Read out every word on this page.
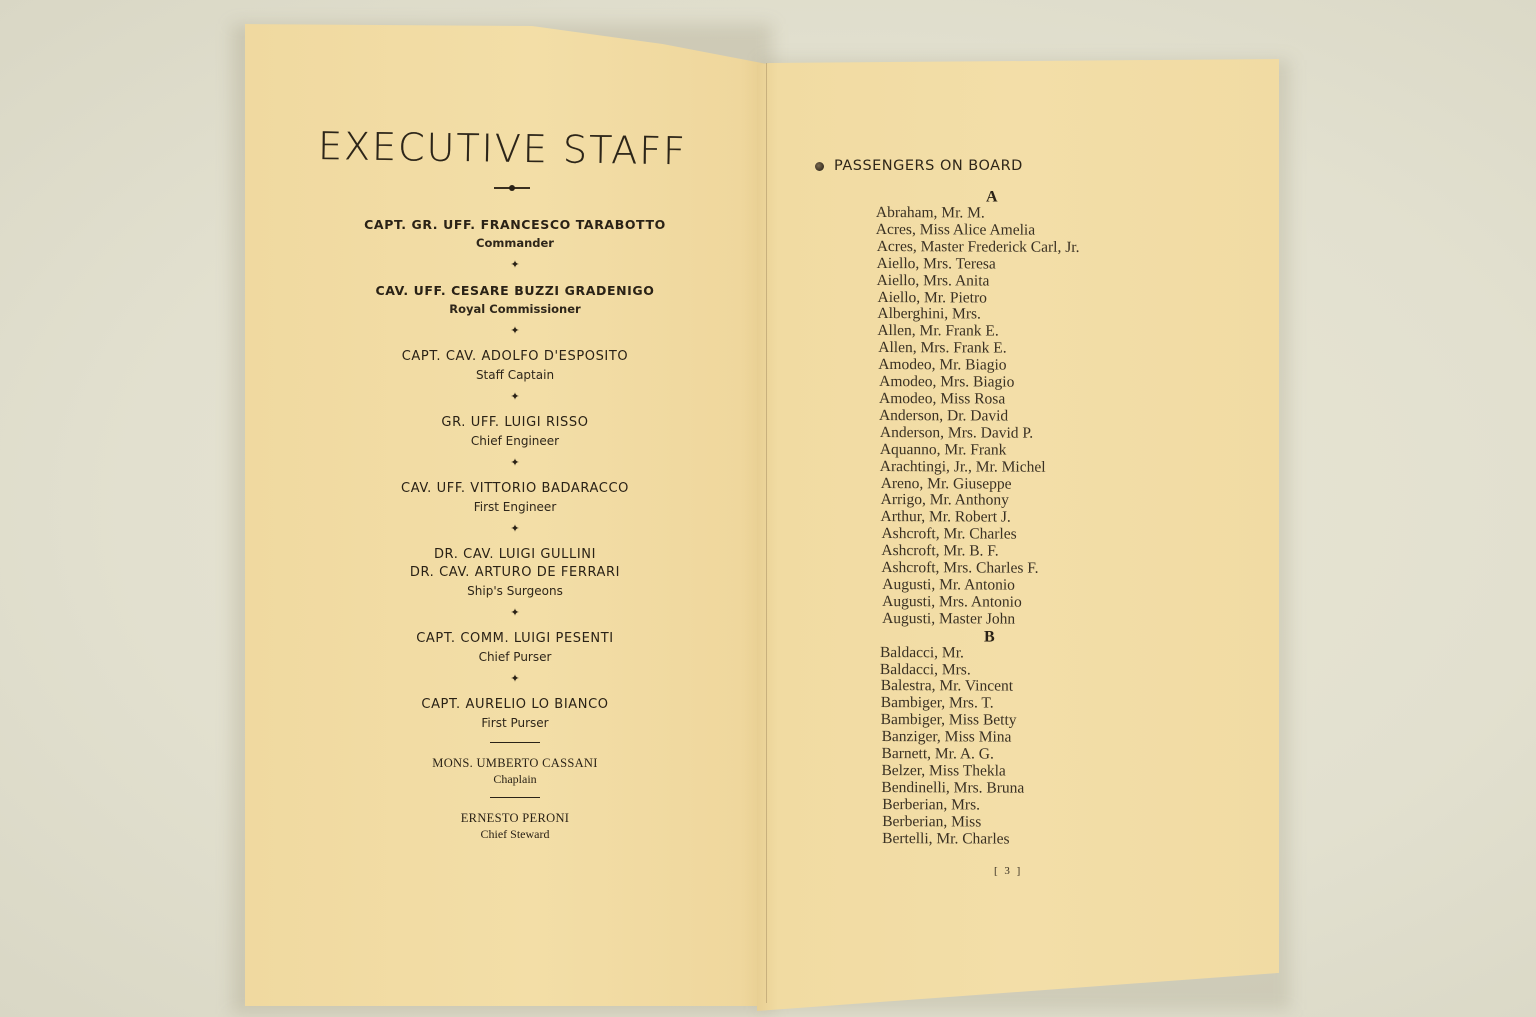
EXECUTIVE STAFF
CAPT. GR. UFF. FRANCESCO TARABOTTO
Commander
✦
CAV. UFF. CESARE BUZZI GRADENIGO
Royal Commissioner
✦
CAPT. CAV. ADOLFO D'ESPOSITO
Staff Captain
✦
GR. UFF. LUIGI RISSO
Chief Engineer
✦
CAV. UFF. VITTORIO BADARACCO
First Engineer
✦
DR. CAV. LUIGI GULLINI
DR. CAV. ARTURO DE FERRARI
Ship's Surgeons
✦
CAPT. COMM. LUIGI PESENTI
Chief Purser
✦
CAPT. AURELIO LO BIANCO
First Purser
MONS. UMBERTO CASSANI
Chaplain
ERNESTO PERONI
Chief Steward
PASSENGERS ON BOARD
A
Abraham, Mr. M.
Acres, Miss Alice Amelia
Acres, Master Frederick Carl, Jr.
Aiello, Mrs. Teresa
Aiello, Mrs. Anita
Aiello, Mr. Pietro
Alberghini, Mrs.
Allen, Mr. Frank E.
Allen, Mrs. Frank E.
Amodeo, Mr. Biagio
Amodeo, Mrs. Biagio
Amodeo, Miss Rosa
Anderson, Dr. David
Anderson, Mrs. David P.
Aquanno, Mr. Frank
Arachtingi, Jr., Mr. Michel
Areno, Mr. Giuseppe
Arrigo, Mr. Anthony
Arthur, Mr. Robert J.
Ashcroft, Mr. Charles
Ashcroft, Mr. B. F.
Ashcroft, Mrs. Charles F.
Augusti, Mr. Antonio
Augusti, Mrs. Antonio
Augusti, Master John
B
Baldacci, Mr.
Baldacci, Mrs.
Balestra, Mr. Vincent
Bambiger, Mrs. T.
Bambiger, Miss Betty
Banziger, Miss Mina
Barnett, Mr. A. G.
Belzer, Miss Thekla
Bendinelli, Mrs. Bruna
Berberian, Mrs.
Berberian, Miss
Bertelli, Mr. Charles
[ 3 ]
